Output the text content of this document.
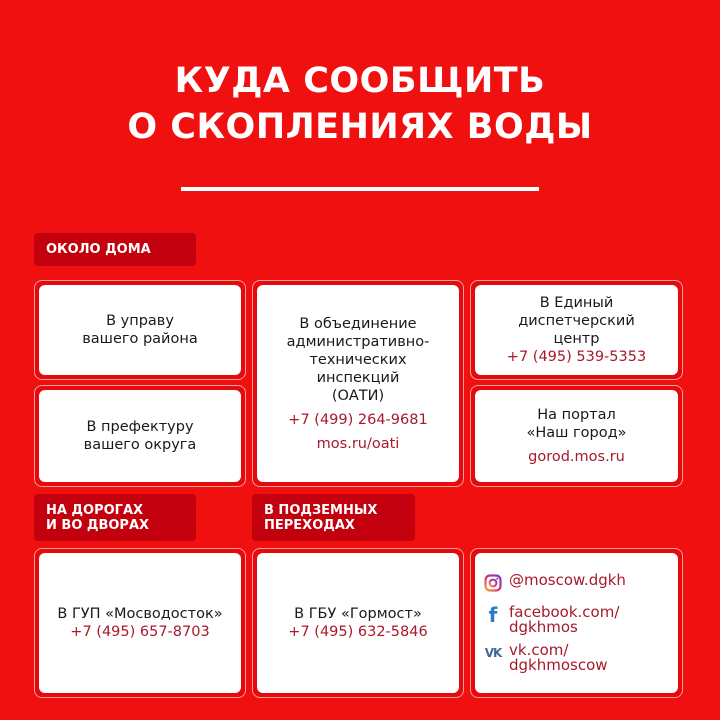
КУДА СООБЩИТЬ
О СКОПЛЕНИЯХ ВОДЫ
ОКОЛО ДОМА
В управу
вашего района
В префектуру
вашего округа
В объединение
административно-
технических
инспекций
(ОАТИ)
+7 (499) 264-9681
mos.ru/oati
В Единый
диспетчерский
центр
+7 (495) 539-5353
На портал
«Наш город»
gorod.mos.ru
НА ДОРОГАХ
И ВО ДВОРАХ
В ПОДЗЕМНЫХ
ПЕРЕХОДАХ
В ГУП «Мосводосток»
+7 (495) 657-8703
В ГБУ «Гормост»
+7 (495) 632-5846
@moscow.dgkh
f facebook.com/
dgkhmos
VK vk.com/
dgkhmoscow
